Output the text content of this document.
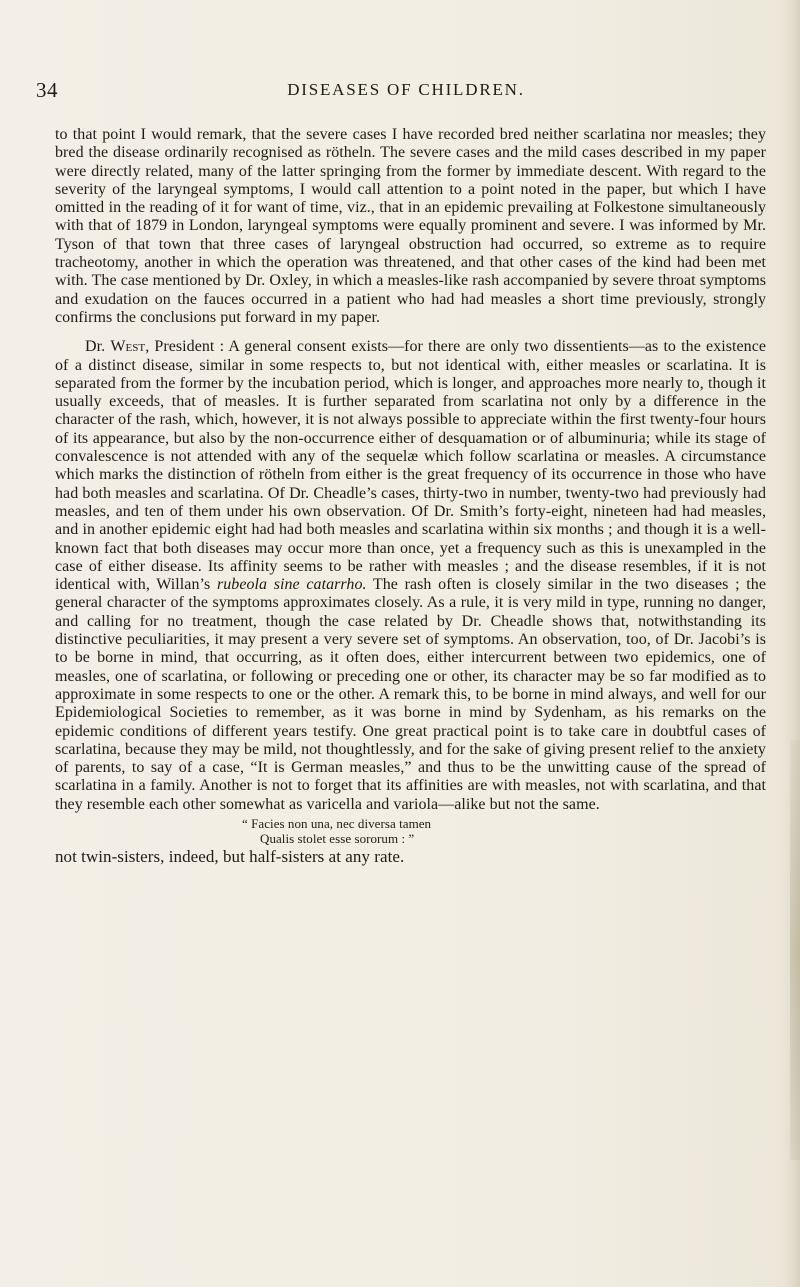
34	DISEASES OF CHILDREN.

to that point I would remark, that the severe cases I have recorded bred neither scarlatina nor measles; they bred the disease ordinarily recognised as rötheln. The severe cases and the mild cases described in my paper were directly related, many of the latter springing from the former by immediate descent. With regard to the severity of the laryngeal symptoms, I would call attention to a point noted in the paper, but which I have omitted in the reading of it for want of time, viz., that in an epidemic prevailing at Folkestone simultaneously with that of 1879 in London, laryngeal symptoms were equally prominent and severe. I was informed by Mr. Tyson of that town that three cases of laryngeal obstruction had occurred, so extreme as to require tracheotomy, another in which the operation was threatened, and that other cases of the kind had been met with. The case mentioned by Dr. Oxley, in which a measles-like rash accompanied by severe throat symptoms and exudation on the fauces occurred in a patient who had had measles a short time previously, strongly confirms the conclusions put forward in my paper.

Dr. West, President : A general consent exists—for there are only two dissentients—as to the existence of a distinct disease, similar in some respects to, but not identical with, either measles or scarlatina. It is separated from the former by the incubation period, which is longer, and approaches more nearly to, though it usually exceeds, that of measles. It is further separated from scarlatina not only by a difference in the character of the rash, which, however, it is not always possible to appreciate within the first twenty-four hours of its appearance, but also by the non-occurrence either of desquamation or of albuminuria; while its stage of convalescence is not attended with any of the sequelæ which follow scarlatina or measles. A circumstance which marks the distinction of rötheln from either is the great frequency of its occurrence in those who have had both measles and scarlatina. Of Dr. Cheadle’s cases, thirty-two in number, twenty-two had previously had measles, and ten of them under his own observation. Of Dr. Smith’s forty-eight, nineteen had had measles, and in another epidemic eight had had both measles and scarlatina within six months ; and though it is a well-known fact that both diseases may occur more than once, yet a frequency such as this is unexampled in the case of either disease. Its affinity seems to be rather with measles ; and the disease resembles, if it is not identical with, Willan’s rubeola sine catarrho. The rash often is closely similar in the two diseases ; the general character of the symptoms approximates closely. As a rule, it is very mild in type, running no danger, and calling for no treatment, though the case related by Dr. Cheadle shows that, notwithstanding its distinctive peculiarities, it may present a very severe set of symptoms. An observation, too, of Dr. Jacobi’s is to be borne in mind, that occurring, as it often does, either intercurrent between two epidemics, one of measles, one of scarlatina, or following or preceding one or other, its character may be so far modified as to approximate in some respects to one or the other. A remark this, to be borne in mind always, and well for our Epidemiological Societies to remember, as it was borne in mind by Sydenham, as his remarks on the epidemic conditions of different years testify. One great practical point is to take care in doubtful cases of scarlatina, because they may be mild, not thoughtlessly, and for the sake of giving present relief to the anxiety of parents, to say of a case, “It is German measles,” and thus to be the unwitting cause of the spread of scarlatina in a family. Another is not to forget that its affinities are with measles, not with scarlatina, and that they resemble each other somewhat as varicella and variola—alike but not the same.

“ Facies non una, nec diversa tamen
Qualis stolet esse sororum : ”

not twin-sisters, indeed, but half-sisters at any rate.
